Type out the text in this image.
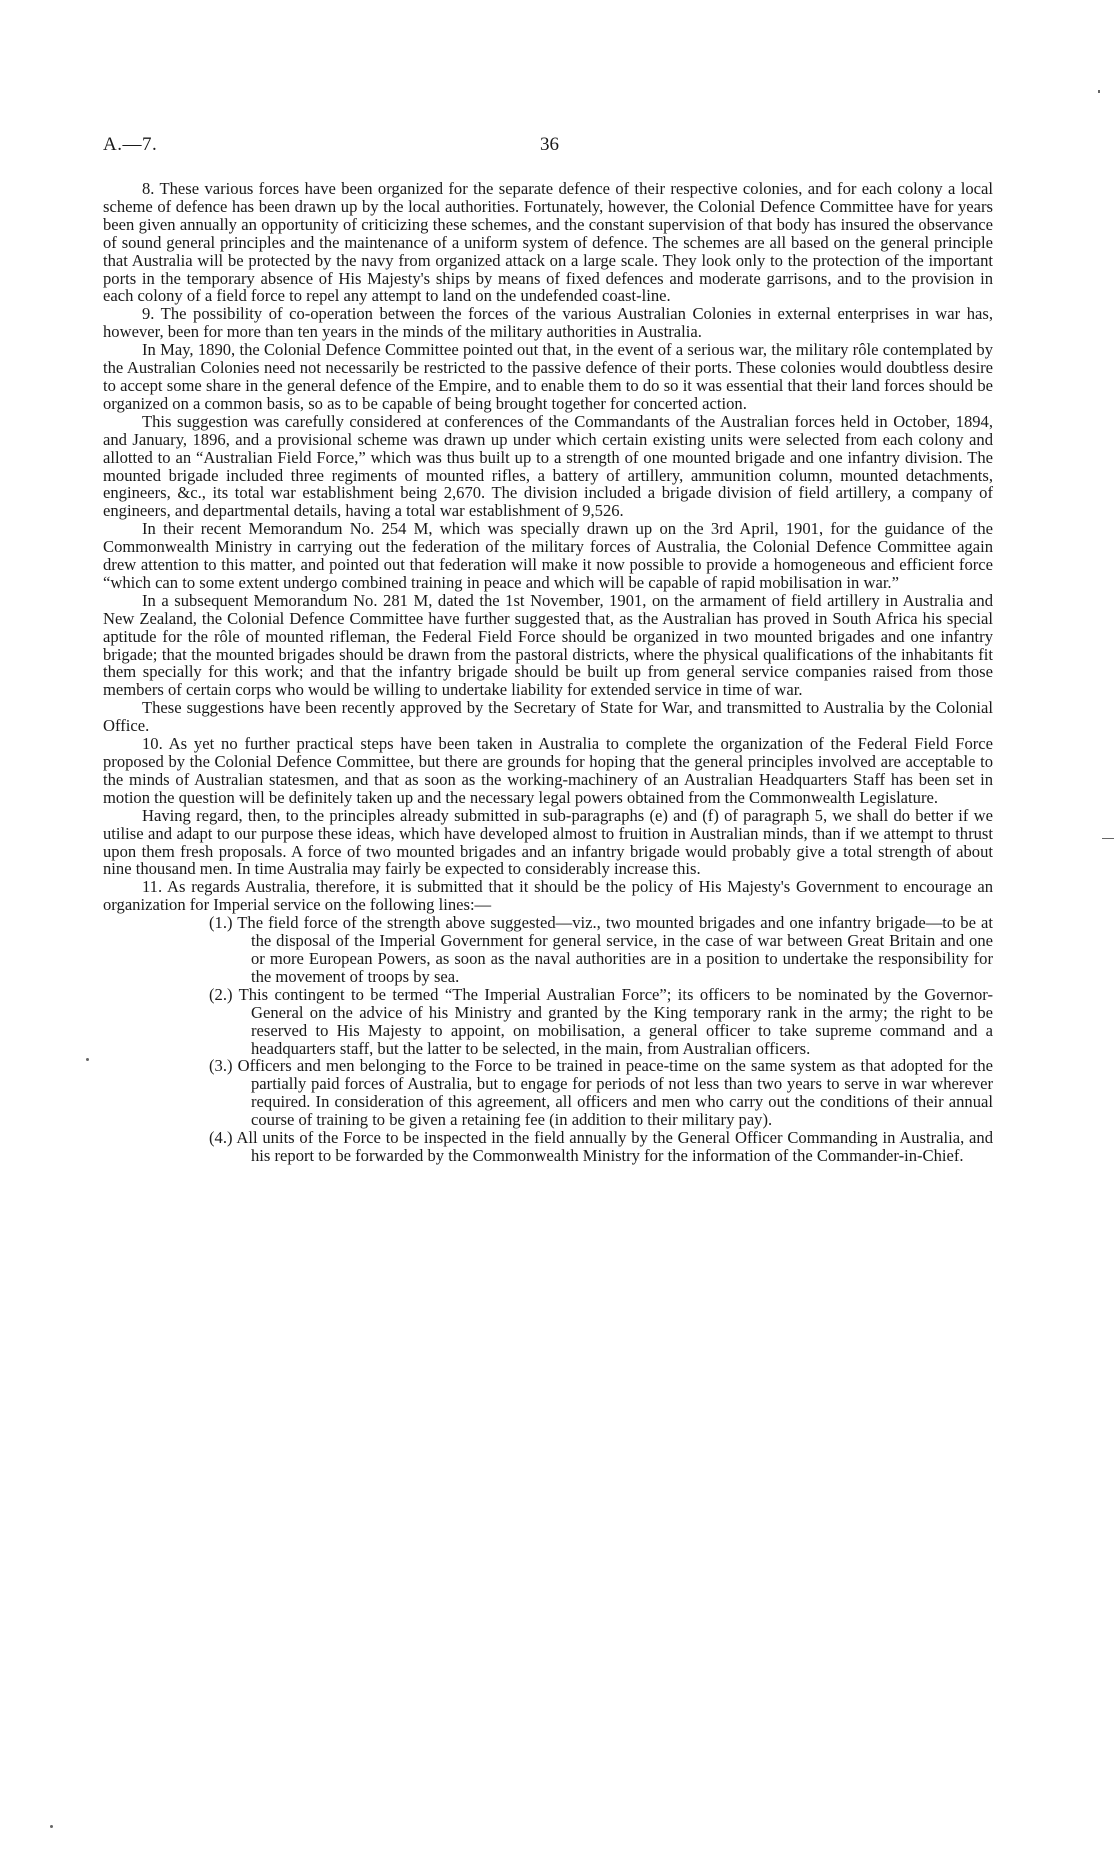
A.—7.	36

8. These various forces have been organized for the separate defence of their respective colonies, and for each colony a local scheme of defence has been drawn up by the local authorities. Fortunately, however, the Colonial Defence Committee have for years been given annually an opportunity of criticizing these schemes, and the constant supervision of that body has insured the observance of sound general principles and the maintenance of a uniform system of defence. The schemes are all based on the general principle that Australia will be protected by the navy from organized attack on a large scale. They look only to the protection of the important ports in the temporary absence of His Majesty's ships by means of fixed defences and moderate garrisons, and to the provision in each colony of a field force to repel any attempt to land on the undefended coast-line.

9. The possibility of co-operation between the forces of the various Australian Colonies in external enterprises in war has, however, been for more than ten years in the minds of the military authorities in Australia.

In May, 1890, the Colonial Defence Committee pointed out that, in the event of a serious war, the military rôle contemplated by the Australian Colonies need not necessarily be restricted to the passive defence of their ports. These colonies would doubtless desire to accept some share in the general defence of the Empire, and to enable them to do so it was essential that their land forces should be organized on a common basis, so as to be capable of being brought together for concerted action.

This suggestion was carefully considered at conferences of the Commandants of the Australian forces held in October, 1894, and January, 1896, and a provisional scheme was drawn up under which certain existing units were selected from each colony and allotted to an “Australian Field Force,” which was thus built up to a strength of one mounted brigade and one infantry division. The mounted brigade included three regiments of mounted rifles, a battery of artillery, ammunition column, mounted detachments, engineers, &c., its total war establishment being 2,670. The division included a brigade division of field artillery, a company of engineers, and departmental details, having a total war establishment of 9,526.

In their recent Memorandum No. 254 M, which was specially drawn up on the 3rd April, 1901, for the guidance of the Commonwealth Ministry in carrying out the federation of the military forces of Australia, the Colonial Defence Committee again drew attention to this matter, and pointed out that federation will make it now possible to provide a homogeneous and efficient force “which can to some extent undergo combined training in peace and which will be capable of rapid mobilisation in war.”

In a subsequent Memorandum No. 281 M, dated the 1st November, 1901, on the armament of field artillery in Australia and New Zealand, the Colonial Defence Committee have further suggested that, as the Australian has proved in South Africa his special aptitude for the rôle of mounted rifleman, the Federal Field Force should be organized in two mounted brigades and one infantry brigade; that the mounted brigades should be drawn from the pastoral districts, where the physical qualifications of the inhabitants fit them specially for this work; and that the infantry brigade should be built up from general service companies raised from those members of certain corps who would be willing to undertake liability for extended service in time of war.

These suggestions have been recently approved by the Secretary of State for War, and transmitted to Australia by the Colonial Office.

10. As yet no further practical steps have been taken in Australia to complete the organization of the Federal Field Force proposed by the Colonial Defence Committee, but there are grounds for hoping that the general principles involved are acceptable to the minds of Australian statesmen, and that as soon as the working-machinery of an Australian Headquarters Staff has been set in motion the question will be definitely taken up and the necessary legal powers obtained from the Commonwealth Legislature.

Having regard, then, to the principles already submitted in sub-paragraphs (e) and (f) of paragraph 5, we shall do better if we utilise and adapt to our purpose these ideas, which have developed almost to fruition in Australian minds, than if we attempt to thrust upon them fresh proposals. A force of two mounted brigades and an infantry brigade would probably give a total strength of about nine thousand men. In time Australia may fairly be expected to considerably increase this.

11. As regards Australia, therefore, it is submitted that it should be the policy of His Majesty's Government to encourage an organization for Imperial service on the following lines:—

(1.) The field force of the strength above suggested—viz., two mounted brigades and one infantry brigade—to be at the disposal of the Imperial Government for general service, in the case of war between Great Britain and one or more European Powers, as soon as the naval authorities are in a position to undertake the responsibility for the movement of troops by sea.

(2.) This contingent to be termed “The Imperial Australian Force”; its officers to be nominated by the Governor-General on the advice of his Ministry and granted by the King temporary rank in the army; the right to be reserved to His Majesty to appoint, on mobilisation, a general officer to take supreme command and a headquarters staff, but the latter to be selected, in the main, from Australian officers.

(3.) Officers and men belonging to the Force to be trained in peace-time on the same system as that adopted for the partially paid forces of Australia, but to engage for periods of not less than two years to serve in war wherever required. In consideration of this agreement, all officers and men who carry out the conditions of their annual course of training to be given a retaining fee (in addition to their military pay).

(4.) All units of the Force to be inspected in the field annually by the General Officer Commanding in Australia, and his report to be forwarded by the Commonwealth Ministry for the information of the Commander-in-Chief.
